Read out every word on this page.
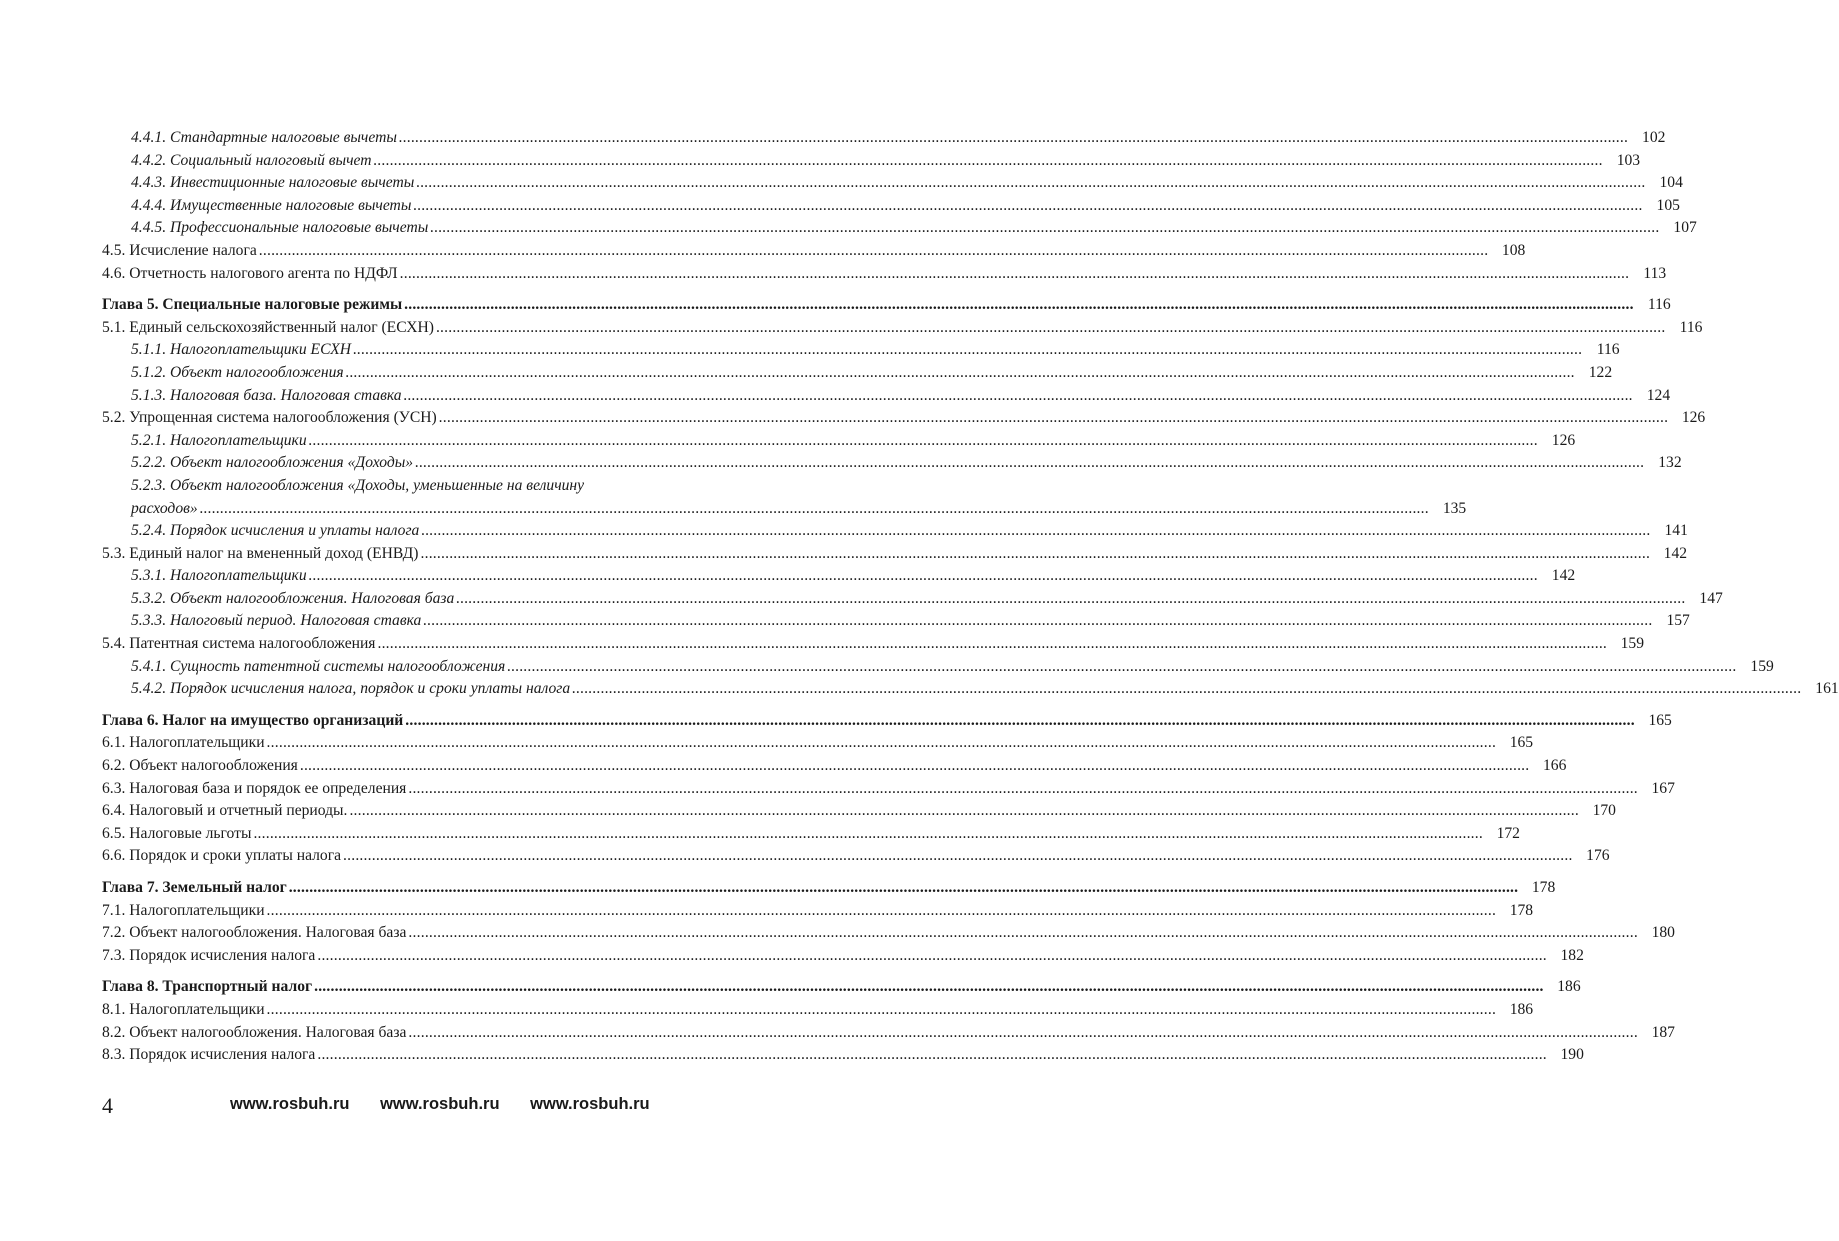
4.4.1. Стандартные налоговые вычеты ............................................................................................................................................................................................................................................................................................................ 102
4.4.2. Социальный налоговый вычет ............................................................................................................................................................................................................................................................................................................ 103
4.4.3. Инвестиционные налоговые вычеты ............................................................................................................................................................................................................................................................................................................ 104
4.4.4. Имущественные налоговые вычеты ............................................................................................................................................................................................................................................................................................................ 105
4.4.5. Профессиональные налоговые вычеты ............................................................................................................................................................................................................................................................................................................ 107
4.5. Исчисление налога ............................................................................................................................................................................................................................................................................................................ 108
4.6. Отчетность налогового агента по НДФЛ ............................................................................................................................................................................................................................................................................................................ 113
Глава 5. Специальные налоговые режимы ............................................................................................................................................................................................................................................................................................................ 116
5.1. Единый сельскохозяйственный налог (ЕСХН) ............................................................................................................................................................................................................................................................................................................ 116
5.1.1. Налогоплательщики ЕСХН ............................................................................................................................................................................................................................................................................................................ 116
5.1.2. Объект налогообложения ............................................................................................................................................................................................................................................................................................................ 122
5.1.3. Налоговая база. Налоговая ставка ............................................................................................................................................................................................................................................................................................................ 124
5.2. Упрощенная система налогообложения (УСН) ............................................................................................................................................................................................................................................................................................................ 126
5.2.1. Налогоплательщики ............................................................................................................................................................................................................................................................................................................ 126
5.2.2. Объект налогообложения «Доходы» ............................................................................................................................................................................................................................................................................................................ 132
5.2.3. Объект налогообложения «Доходы, уменьшенные на величину
расходов» ............................................................................................................................................................................................................................................................................................................ 135
5.2.4. Порядок исчисления и уплаты налога ............................................................................................................................................................................................................................................................................................................ 141
5.3. Единый налог на вмененный доход (ЕНВД) ............................................................................................................................................................................................................................................................................................................ 142
5.3.1. Налогоплательщики ............................................................................................................................................................................................................................................................................................................ 142
5.3.2. Объект налогообложения. Налоговая база ............................................................................................................................................................................................................................................................................................................ 147
5.3.3. Налоговый период. Налоговая ставка ............................................................................................................................................................................................................................................................................................................ 157
5.4. Патентная система налогообложения ............................................................................................................................................................................................................................................................................................................ 159
5.4.1. Сущность патентной системы налогообложения ............................................................................................................................................................................................................................................................................................................ 159
5.4.2. Порядок исчисления налога, порядок и сроки уплаты налога ............................................................................................................................................................................................................................................................................................................ 161
Глава 6. Налог на имущество организаций ............................................................................................................................................................................................................................................................................................................ 165
6.1. Налогоплательщики ............................................................................................................................................................................................................................................................................................................ 165
6.2. Объект налогообложения ............................................................................................................................................................................................................................................................................................................ 166
6.3. Налоговая база и порядок ее определения ............................................................................................................................................................................................................................................................................................................ 167
6.4. Налоговый и отчетный периоды. ............................................................................................................................................................................................................................................................................................................ 170
6.5. Налоговые льготы ............................................................................................................................................................................................................................................................................................................ 172
6.6. Порядок и сроки уплаты налога ............................................................................................................................................................................................................................................................................................................ 176
Глава 7. Земельный налог ............................................................................................................................................................................................................................................................................................................ 178
7.1. Налогоплательщики ............................................................................................................................................................................................................................................................................................................ 178
7.2. Объект налогообложения. Налоговая база ............................................................................................................................................................................................................................................................................................................ 180
7.3. Порядок исчисления налога ............................................................................................................................................................................................................................................................................................................ 182
Глава 8. Транспортный налог ............................................................................................................................................................................................................................................................................................................ 186
8.1. Налогоплательщики ............................................................................................................................................................................................................................................................................................................ 186
8.2. Объект налогообложения. Налоговая база ............................................................................................................................................................................................................................................................................................................ 187
8.3. Порядок исчисления налога ............................................................................................................................................................................................................................................................................................................ 190
4	www.rosbuh.ru www.rosbuh.ru www.rosbuh.ru
